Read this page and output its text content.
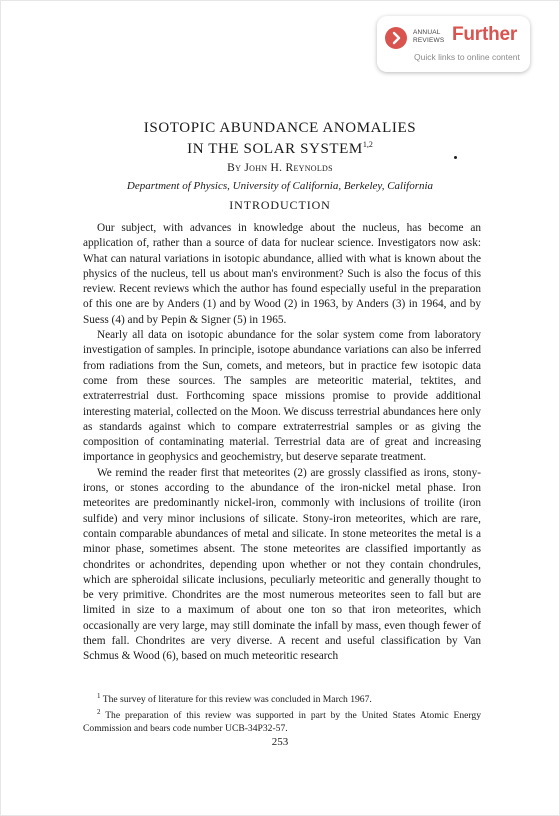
ANNUAL
REVIEWS Further
Quick links to online content
ISOTOPIC ABUNDANCE ANOMALIES
IN THE SOLAR SYSTEM$^{1,2}$
By John H. Reynolds
Department of Physics, University of California, Berkeley, California
INTRODUCTION

Our subject, with advances in knowledge about the nucleus, has become an application of, rather than a source of data for nuclear science. Investigators now ask: What can natural variations in isotopic abundance, allied with what is known about the physics of the nucleus, tell us about man's environment? Such is also the focus of this review. Recent reviews which the author has found especially useful in the preparation of this one are by Anders (1) and by Wood (2) in 1963, by Anders (3) in 1964, and by Suess (4) and by Pepin & Signer (5) in 1965.

Nearly all data on isotopic abundance for the solar system come from laboratory investigation of samples. In principle, isotope abundance variations can also be inferred from radiations from the Sun, comets, and meteors, but in practice few isotopic data come from these sources. The samples are meteoritic material, tektites, and extraterrestrial dust. Forthcoming space missions promise to provide additional interesting material, collected on the Moon. We discuss terrestrial abundances here only as standards against which to compare extraterrestrial samples or as giving the composition of contaminating material. Terrestrial data are of great and increasing importance in geophysics and geochemistry, but deserve separate treatment.

We remind the reader first that meteorites (2) are grossly classified as irons, stony-irons, or stones according to the abundance of the iron-nickel metal phase. Iron meteorites are predominantly nickel-iron, commonly with inclusions of troilite (iron sulfide) and very minor inclusions of silicate. Stony-iron meteorites, which are rare, contain comparable abundances of metal and silicate. In stone meteorites the metal is a minor phase, sometimes absent. The stone meteorites are classified importantly as chondrites or achondrites, depending upon whether or not they contain chondrules, which are spheroidal silicate inclusions, peculiarly meteoritic and generally thought to be very primitive. Chondrites are the most numerous meteorites seen to fall but are limited in size to a maximum of about one ton so that iron meteorites, which occasionally are very large, may still dominate the infall by mass, even though fewer of them fall. Chondrites are very diverse. A recent and useful classification by Van Schmus & Wood (6), based on much meteoritic research

$^1$ The survey of literature for this review was concluded in March 1967.

$^2$ The preparation of this review was supported in part by the United States Atomic Energy Commission and bears code number UCB-34P32-57.

253
